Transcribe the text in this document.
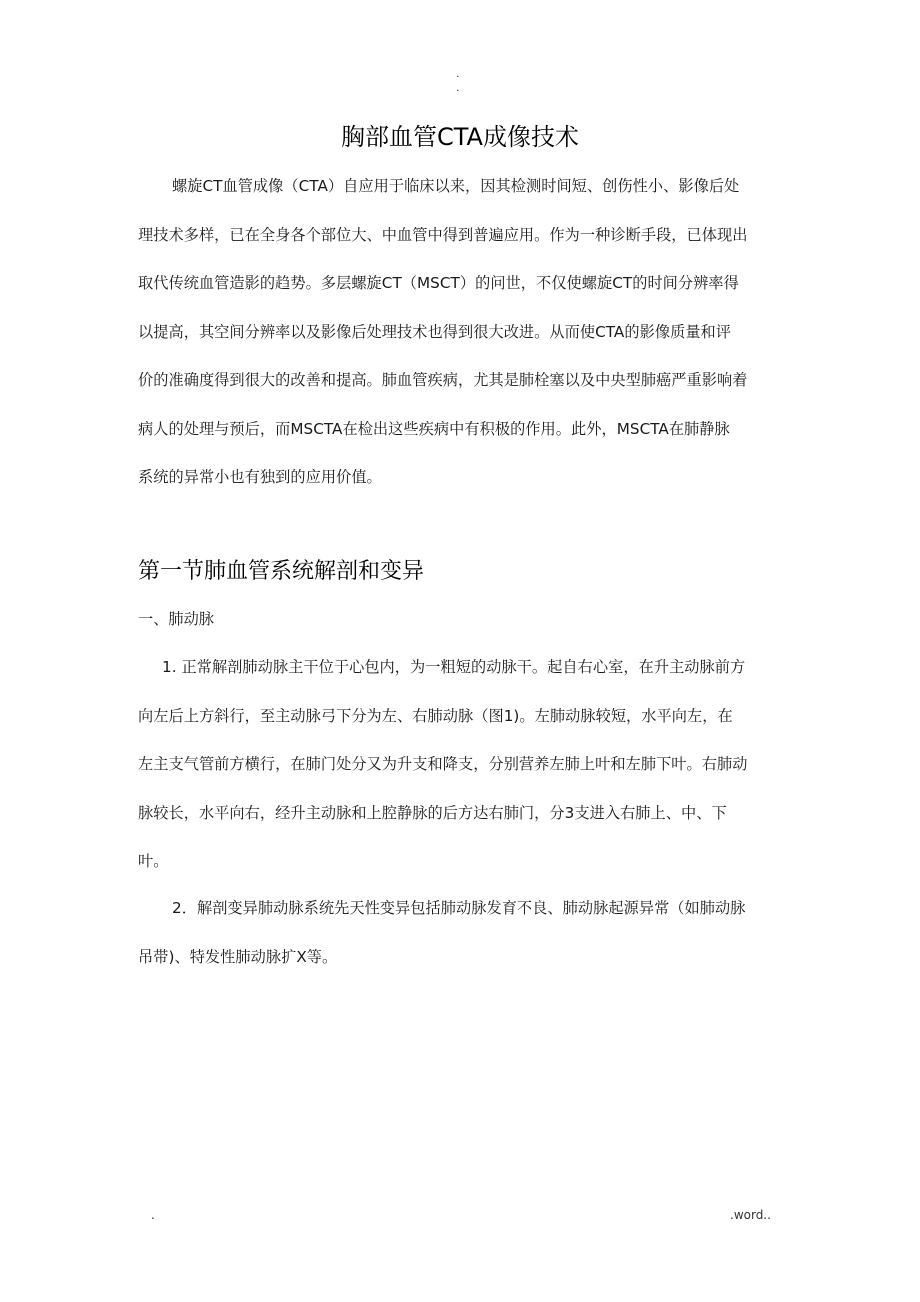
.
.
胸部血管CTA成像技术
螺旋CT血管成像（CTA）自应用于临床以来，因其检测时间短、创伤性小、影像后处
理技术多样，已在全身各个部位大、中血管中得到普遍应用。作为一种诊断手段，已体现出
取代传统血管造影的趋势。多层螺旋CT（MSCT）的问世，不仅使螺旋CT的时间分辨率得
以提高，其空间分辨率以及影像后处理技术也得到很大改进。从而使CTA的影像质量和评
价的准确度得到很大的改善和提高。肺血管疾病，尤其是肺栓塞以及中央型肺癌严重影响着
病人的处理与预后，而MSCTA在检出这些疾病中有积极的作用。此外，MSCTA在肺静脉
系统的异常小也有独到的应用价值。
第一节肺血管系统解剖和变异
一、肺动脉
1. 正常解剖肺动脉主干位于心包内，为一粗短的动脉干。起自右心室，在升主动脉前方
向左后上方斜行，至主动脉弓下分为左、右肺动脉（图1)。左肺动脉较短，水平向左，在
左主支气管前方横行，在肺门处分又为升支和降支，分别营养左肺上叶和左肺下叶。右肺动
脉较长，水平向右，经升主动脉和上腔静脉的后方达右肺门，分3支进入右肺上、中、下
叶。
2．解剖变异肺动脉系统先天性变异包括肺动脉发育不良、肺动脉起源异常（如肺动脉
吊带)、特发性肺动脉扩X等。
.	.word..
